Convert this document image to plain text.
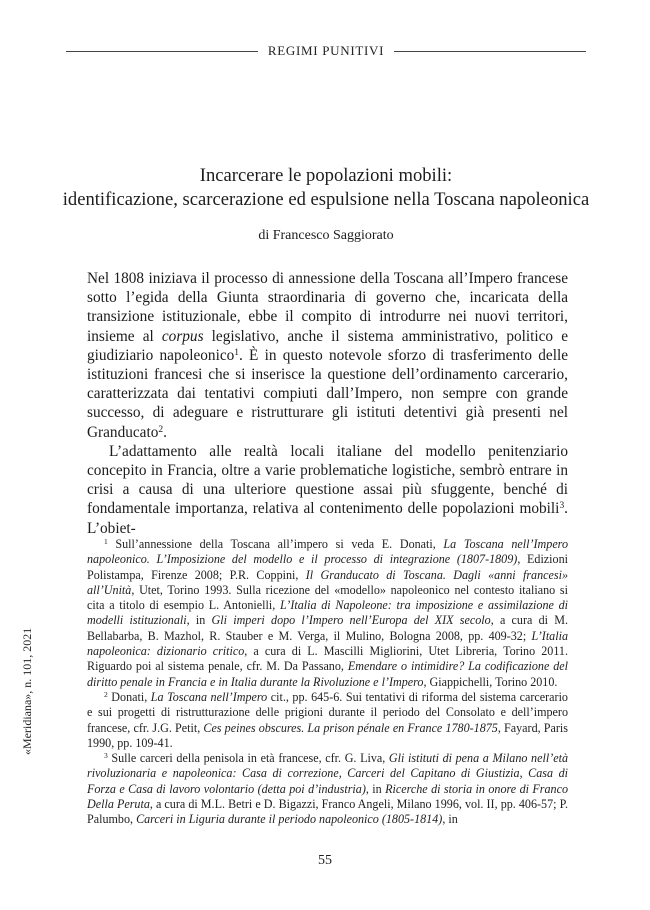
REGIMI PUNITIVI
Incarcerare le popolazioni mobili:
identificazione, scarcerazione ed espulsione nella Toscana napoleonica
di Francesco Saggiorato

Nel 1808 iniziava il processo di annessione della Toscana all’Impero francese sotto l’egida della Giunta straordinaria di governo che, incaricata della transizione istituzionale, ebbe il compito di introdurre nei nuovi territori, insieme al corpus legislativo, anche il sistema amministrativo, politico e giudiziario napoleonico$^1$. È in questo notevole sforzo di trasferimento delle istituzioni francesi che si inserisce la questione dell’ordinamento carcerario, caratterizzata dai tentativi compiuti dall’Impero, non sempre con grande successo, di adeguare e ristrutturare gli istituti detentivi già presenti nel Granducato$^2$.

L’adattamento alle realtà locali italiane del modello penitenziario concepito in Francia, oltre a varie problematiche logistiche, sembrò entrare in crisi a causa di una ulteriore questione assai più sfuggente, benché di fondamentale importanza, relativa al contenimento delle popolazioni mobili$^3$. L’obiet-

$^1$ Sull’annessione della Toscana all’impero si veda E. Donati, La Toscana nell’Impero napoleonico. L’Imposizione del modello e il processo di integrazione (1807-1809), Edizioni Polistampa, Firenze 2008; P.R. Coppini, Il Granducato di Toscana. Dagli «anni francesi» all’Unità, Utet, Torino 1993. Sulla ricezione del «modello» napoleonico nel contesto italiano si cita a titolo di esempio L. Antonielli, L’Italia di Napoleone: tra imposizione e assimilazione di modelli istituzionali, in Gli imperi dopo l’Impero nell’Europa del XIX secolo, a cura di M. Bellabarba, B. Mazhol, R. Stauber e M. Verga, il Mulino, Bologna 2008, pp. 409-32; L’Italia napoleonica: dizionario critico, a cura di L. Mascilli Migliorini, Utet Libreria, Torino 2011. Riguardo poi al sistema penale, cfr. M. Da Passano, Emendare o intimidire? La codificazione del diritto penale in Francia e in Italia durante la Rivoluzione e l’Impero, Giappichelli, Torino 2010.

$^2$ Donati, La Toscana nell’Impero cit., pp. 645-6. Sui tentativi di riforma del sistema carcerario e sui progetti di ristrutturazione delle prigioni durante il periodo del Consolato e dell’impero francese, cfr. J.G. Petit, Ces peines obscures. La prison pénale en France 1780-1875, Fayard, Paris 1990, pp. 109-41.

$^3$ Sulle carceri della penisola in età francese, cfr. G. Liva, Gli istituti di pena a Milano nell’età rivoluzionaria e napoleonica: Casa di correzione, Carceri del Capitano di Giustizia, Casa di Forza e Casa di lavoro volontario (detta poi d’industria), in Ricerche di storia in onore di Franco Della Peruta, a cura di M.L. Betri e D. Bigazzi, Franco Angeli, Milano 1996, vol. II, pp. 406-57; P. Palumbo, Carceri in Liguria durante il periodo napoleonico (1805-1814), in

«Meridiana», n. 101, 2021
55
